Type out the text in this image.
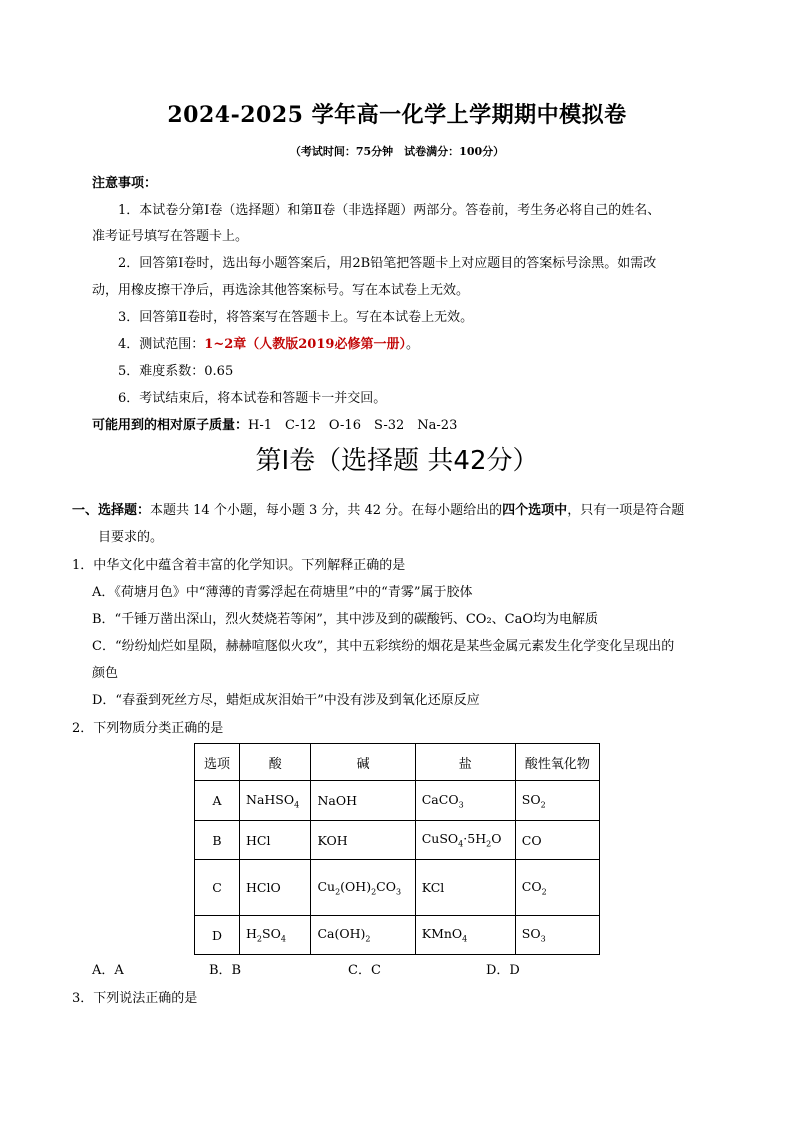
2024-2025 学年高一化学上学期期中模拟卷
（考试时间：75分钟　试卷满分：100分）
注意事项：
1．本试卷分第Ⅰ卷（选择题）和第Ⅱ卷（非选择题）两部分。答卷前，考生务必将自己的姓名、
准考证号填写在答题卡上。
2．回答第Ⅰ卷时，选出每小题答案后，用2B铅笔把答题卡上对应题目的答案标号涂黑。如需改
动，用橡皮擦干净后，再选涂其他答案标号。写在本试卷上无效。
3．回答第Ⅱ卷时，将答案写在答题卡上。写在本试卷上无效。
4．测试范围：1~2章（人教版2019必修第一册）。
5．难度系数：0.65
6．考试结束后，将本试卷和答题卡一并交回。
可能用到的相对原子质量：H-1　C-12　O-16　S-32　Na-23
第Ⅰ卷（选择题 共42分）
一、选择题：本题共 14 个小题，每小题 3 分，共 42 分。在每小题给出的四个选项中，只有一项是符合题
目要求的。
1．中华文化中蕴含着丰富的化学知识。下列解释正确的是
A．《荷塘月色》中“薄薄的青雾浮起在荷塘里”中的“青雾”属于胶体
B．“千锤万凿出深山，烈火焚烧若等闲”，其中涉及到的碳酸钙、CO₂、CaO均为电解质
C．“纷纷灿烂如星陨，赫赫喧豗似火攻”，其中五彩缤纷的烟花是某些金属元素发生化学变化呈现出的
颜色
D．“春蚕到死丝方尽，蜡炬成灰泪始干”中没有涉及到氧化还原反应
2．下列物质分类正确的是
选项	酸	碱	盐	酸性氧化物
A	NaHSO$_4$	NaOH	CaCO$_3$	$SO_2$
B	HCl	KOH	$CuSO_4\cdot 5H_2O$	CO
C	HClO	$Cu_2(OH)_2CO_3$	KCl	$CO_2$
D	$H_2SO_4$	$Ca(OH)_2$	KMnO$_4$	$SO_3$
A．A	B．B	C．C	D．D
3．下列说法正确的是
